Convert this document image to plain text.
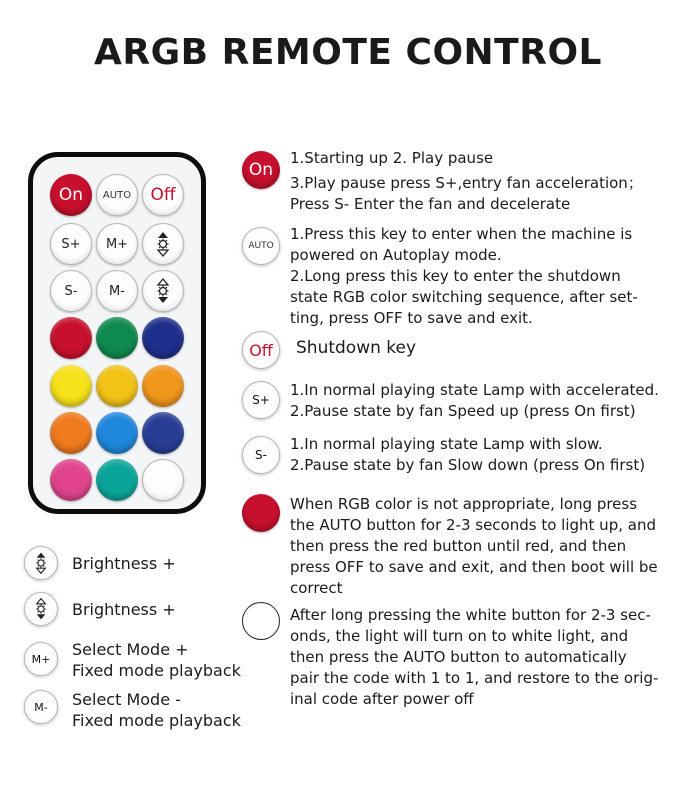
ARGB REMOTE CONTROL
On AUTO Off
S+ M+
S- M-
On
1.Starting up 2. Play pause
3.Play pause press S+,entry fan acceleration；
Press S- Enter the fan and decelerate
AUTO
1.Press this key to enter when the machine is
powered on Autoplay mode.
2.Long press this key to enter the shutdown
state RGB color switching sequence, after set-
ting, press OFF to save and exit.
Off	Shutdown key
S+
1.In normal playing state Lamp with accelerated.
2.Pause state by fan Speed up (press On first)
S-
1.In normal playing state Lamp with slow.
2.Pause state by fan Slow down (press On first)
When RGB color is not appropriate, long press
the AUTO button for 2-3 seconds to light up, and
then press the red button until red, and then
press OFF to save and exit, and then boot will be
correct
After long pressing the white button for 2-3 sec-
onds, the light will turn on to white light, and
then press the AUTO button to automatically
pair the code with 1 to 1, and restore to the orig-
inal code after power off
Brightness +
Brightness +
M+ Select Mode +
Fixed mode playback
M- Select Mode -
Fixed mode playback
